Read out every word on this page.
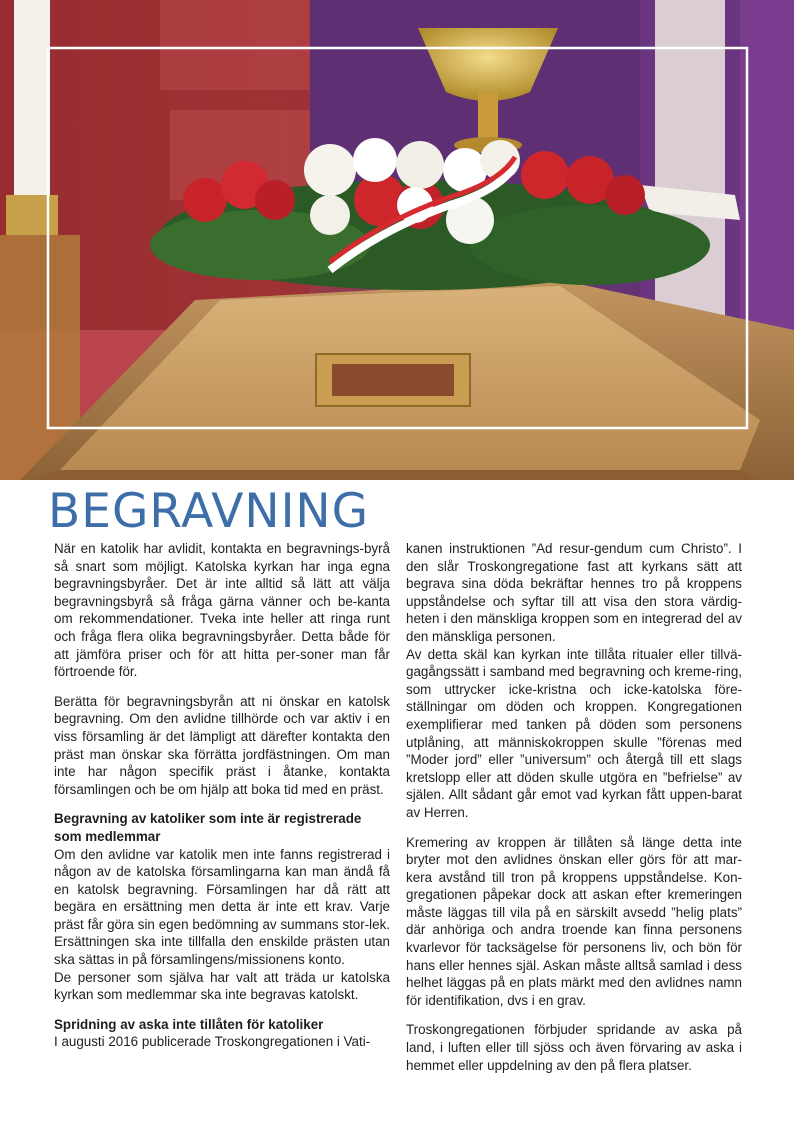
BEGRAVNING

När en katolik har avlidit, kontakta en begravnings-byrå så snart som möjligt. Katolska kyrkan har inga egna begravningsbyråer. Det är inte alltid så lätt att välja begravningsbyrå så fråga gärna vänner och be-kanta om rekommendationer. Tveka inte heller att ringa runt och fråga flera olika begravningsbyråer. Detta både för att jämföra priser och för att hitta per-soner man får förtroende för.

Berätta för begravningsbyrån att ni önskar en katolsk begravning. Om den avlidne tillhörde och var aktiv i en viss församling är det lämpligt att därefter kontakta den präst man önskar ska förrätta jordfästningen. Om man inte har någon specifik präst i åtanke, kontakta församlingen och be om hjälp att boka tid med en präst.

Begravning av katoliker som inte är registrerade som medlemmar

Om den avlidne var katolik men inte fanns registrerad i någon av de katolska församlingarna kan man ändå få en katolsk begravning. Församlingen har då rätt att begära en ersättning men detta är inte ett krav. Varje präst får göra sin egen bedömning av summans stor-lek. Ersättningen ska inte tillfalla den enskilde prästen utan ska sättas in på församlingens/missionens konto.

De personer som själva har valt att träda ur katolska kyrkan som medlemmar ska inte begravas katolskt.

Spridning av aska inte tillåten för katoliker

I augusti 2016 publicerade Troskongregationen i Vati-

kanen instruktionen ”Ad resur-gendum cum Christo”. I den slår Troskongregatione fast att kyrkans sätt att begrava sina döda bekräftar hennes tro på kroppens uppståndelse och syftar till att visa den stora värdig-heten i den mänskliga kroppen som en integrerad del av den mänskliga personen.

Av detta skäl kan kyrkan inte tillåta ritualer eller tillvä-gagångssätt i samband med begravning och kreme-ring, som uttrycker icke-kristna och icke-katolska före-ställningar om döden och kroppen. Kongregationen exemplifierar med tanken på döden som personens utplåning, att människokroppen skulle ”förenas med ”Moder jord” eller ”universum” och återgå till ett slags kretslopp eller att döden skulle utgöra en ”befrielse” av själen. Allt sådant går emot vad kyrkan fått uppen-barat av Herren.

Kremering av kroppen är tillåten så länge detta inte bryter mot den avlidnes önskan eller görs för att mar-kera avstånd till tron på kroppens uppståndelse. Kon-gregationen påpekar dock att askan efter kremeringen måste läggas till vila på en särskilt avsedd ”helig plats” där anhöriga och andra troende kan finna personens kvarlevor för tacksägelse för personens liv, och bön för hans eller hennes själ. Askan måste alltså samlad i dess helhet läggas på en plats märkt med den avlidnes namn för identifikation, dvs i en grav.

Troskongregationen förbjuder spridande av aska på land, i luften eller till sjöss och även förvaring av aska i hemmet eller uppdelning av den på flera platser.
